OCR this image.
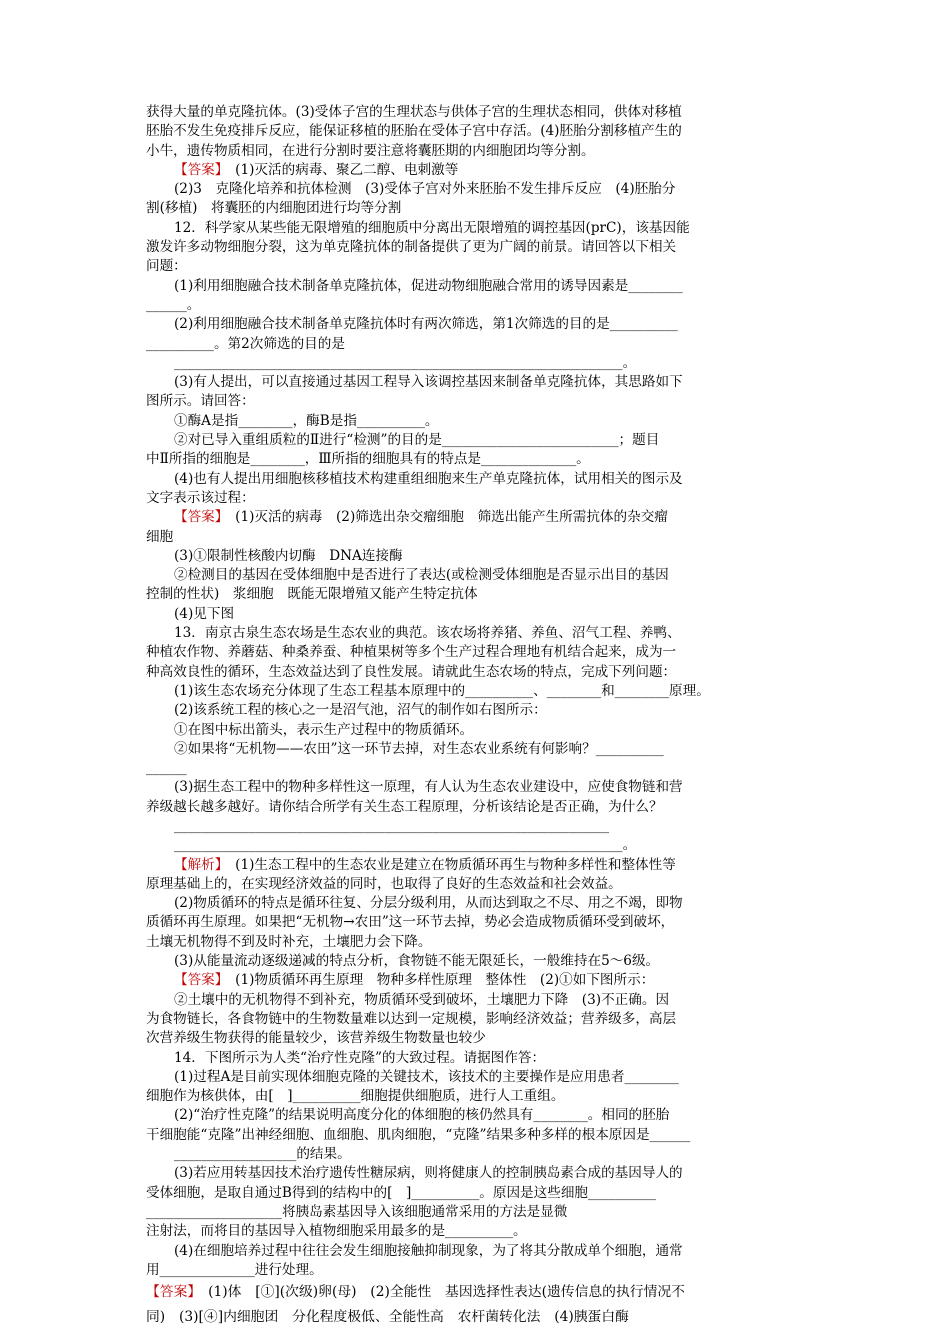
获得大量的单克隆抗体。(3)受体子宫的生理状态与供体子宫的生理状态相同，供体对移植
胚胎不发生免疫排斥反应，能保证移植的胚胎在受体子宫中存活。(4)胚胎分割移植产生的
小牛，遗传物质相同，在进行分割时要注意将囊胚期的内细胞团均等分割。
【答案】　(1)灭活的病毒、聚乙二醇、电刺激等
(2)3　克隆化培养和抗体检测　(3)受体子宫对外来胚胎不发生排斥反应　(4)胚胎分
割(移植)　将囊胚的内细胞团进行均等分割
12．科学家从某些能无限增殖的细胞质中分离出无限增殖的调控基因(prC)，该基因能
激发许多动物细胞分裂，这为单克隆抗体的制备提供了更为广阔的前景。请回答以下相关
问题：
(1)利用细胞融合技术制备单克隆抗体，促进动物细胞融合常用的诱导因素是________
______。
(2)利用细胞融合技术制备单克隆抗体时有两次筛选，第1次筛选的目的是__________
__________。第2次筛选的目的是
__________________________________________________________________。
(3)有人提出，可以直接通过基因工程导入该调控基因来制备单克隆抗体，其思路如下
图所示。请回答：
①酶A是指________，酶B是指__________。
②对已导入重组质粒的Ⅱ进行“检测”的目的是__________________________；题目
中Ⅱ所指的细胞是________，Ⅲ所指的细胞具有的特点是______________。
(4)也有人提出用细胞核移植技术构建重组细胞来生产单克隆抗体，试用相关的图示及
文字表示该过程：
【答案】　(1)灭活的病毒　(2)筛选出杂交瘤细胞　筛选出能产生所需抗体的杂交瘤
细胞
(3)①限制性核酸内切酶　DNA连接酶
②检测目的基因在受体细胞中是否进行了表达(或检测受体细胞是否显示出目的基因
控制的性状)　浆细胞　既能无限增殖又能产生特定抗体
(4)见下图
13．南京古泉生态农场是生态农业的典范。该农场将养猪、养鱼、沼气工程、养鸭、
种植农作物、养蘑菇、种桑养蚕、种植果树等多个生产过程合理地有机结合起来，成为一
种高效良性的循环，生态效益达到了良性发展。请就此生态农场的特点，完成下列问题：
(1)该生态农场充分体现了生态工程基本原理中的__________、________和________原理。
(2)该系统工程的核心之一是沼气池，沼气的制作如右图所示：
①在图中标出箭头，表示生产过程中的物质循环。
②如果将“无机物——农田”这一环节去掉，对生态农业系统有何影响？__________
______
(3)据生态工程中的物种多样性这一原理，有人认为生态农业建设中，应使食物链和营
养级越长越多越好。请你结合所学有关生态工程原理，分析该结论是否正确，为什么？
________________________________________________________________
__________________________________________________________________。
【解析】　(1)生态工程中的生态农业是建立在物质循环再生与物种多样性和整体性等
原理基础上的，在实现经济效益的同时，也取得了良好的生态效益和社会效益。
(2)物质循环的特点是循环往复、分层分级利用，从而达到取之不尽、用之不竭，即物
质循环再生原理。如果把“无机物→农田”这一环节去掉，势必会造成物质循环受到破坏，
土壤无机物得不到及时补充，土壤肥力会下降。
(3)从能量流动逐级递减的特点分析，食物链不能无限延长，一般维持在5～6级。
【答案】　(1)物质循环再生原理　物种多样性原理　整体性　(2)①如下图所示：
②土壤中的无机物得不到补充，物质循环受到破坏，土壤肥力下降　(3)不正确。因
为食物链长，各食物链中的生物数量难以达到一定规模，影响经济效益；营养级多，高层
次营养级生物获得的能量较少，该营养级生物数量也较少
14．下图所示为人类“治疗性克隆”的大致过程。请据图作答：
(1)过程A是目前实现体细胞克隆的关键技术，该技术的主要操作是应用患者________
细胞作为核供体，由[　]__________细胞提供细胞质，进行人工重组。
(2)“治疗性克隆”的结果说明高度分化的体细胞的核仍然具有________。相同的胚胎
干细胞能“克隆”出神经细胞、血细胞、肌肉细胞，“克隆”结果多种多样的根本原因是______
__________________的结果。
(3)若应用转基因技术治疗遗传性糖尿病，则将健康人的控制胰岛素合成的基因导人的
受体细胞，是取自通过B得到的结构中的[　]__________。原因是这些细胞__________
____________________将胰岛素基因导入该细胞通常采用的方法是显微
注射法，而将目的基因导入植物细胞采用最多的是__________。
(4)在细胞培养过程中往往会发生细胞接触抑制现象，为了将其分散成单个细胞，通常
用______________进行处理。
【答案】　(1)体　[①](次级)卵(母)　(2)全能性　基因选择性表达(遗传信息的执行情况不
同)　(3)[④]内细胞团　分化程度极低、全能性高　农杆菌转化法　(4)胰蛋白酶
